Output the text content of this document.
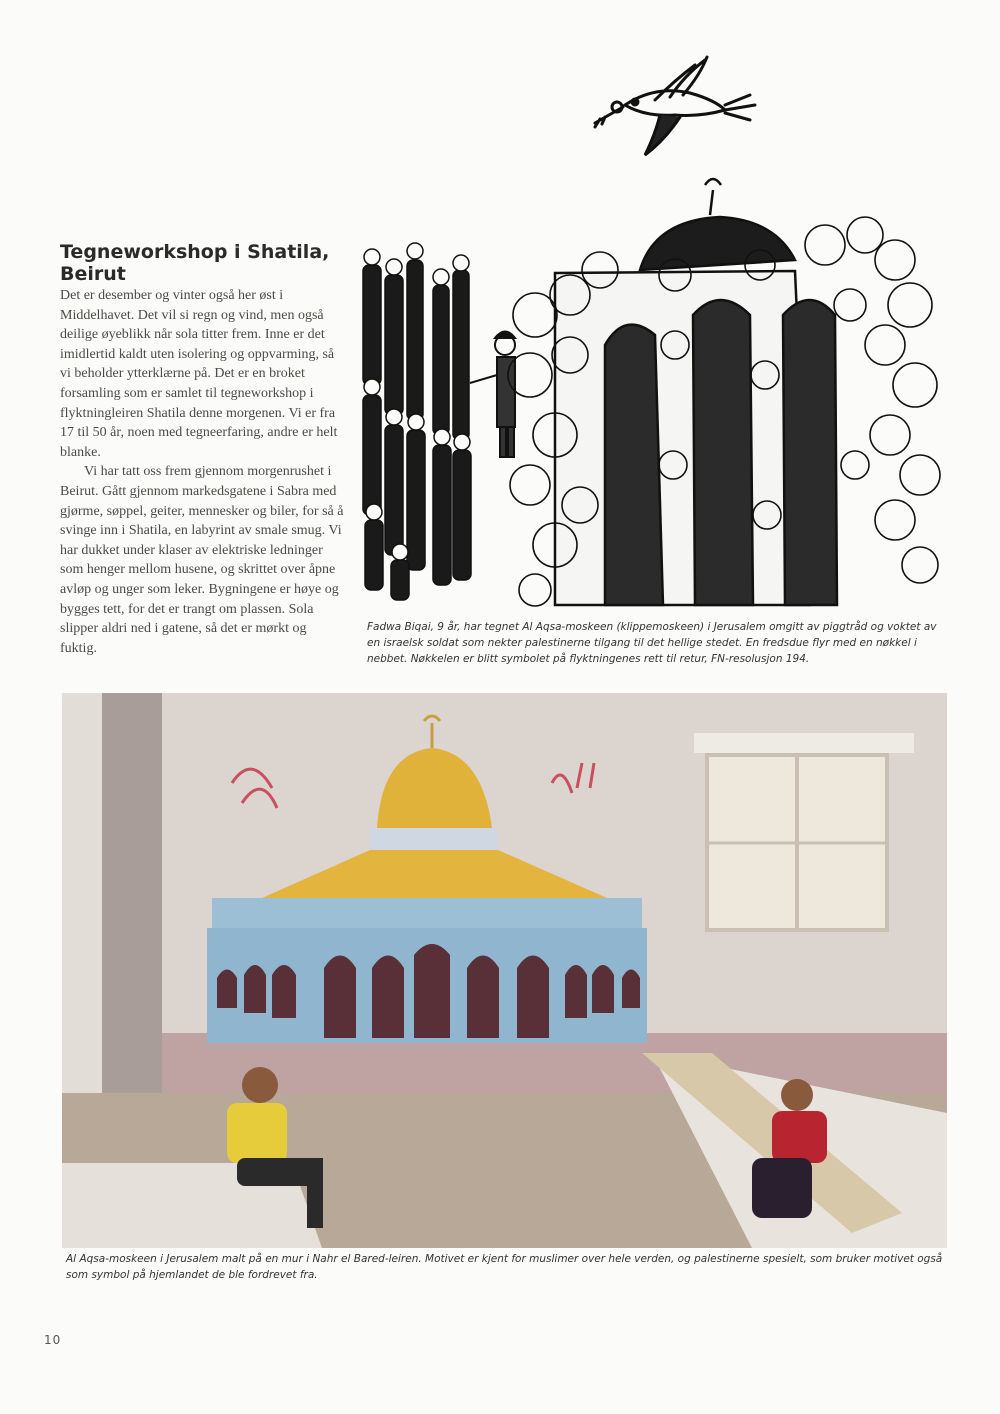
Tegneworkshop i Shatila, Beirut

Det er desember og vinter også her øst i Middelhavet. Det vil si regn og vind, men også deilige øyeblikk når sola titter frem. Inne er det imidlertid kaldt uten isolering og oppvarming, så vi beholder ytterklærne på. Det er en broket forsamling som er samlet til tegneworkshop i flyktningleiren Shatila denne morgenen. Vi er fra 17 til 50 år, noen med tegneerfaring, andre er helt blanke.

Vi har tatt oss frem gjennom morgenrushet i Beirut. Gått gjennom markedsgatene i Sabra med gjørme, søppel, geiter, mennesker og biler, for så å svinge inn i Shatila, en labyrint av smale smug. Vi har dukket under klaser av elektriske ledninger som henger mellom husene, og skrittet over åpne avløp og unger som leker. Bygningene er høye og bygges tett, for det er trangt om plassen. Sola slipper aldri ned i gatene, så det er mørkt og fuktig.

Fadwa Biqai, 9 år, har tegnet Al Aqsa-moskeen (klippemoskeen) i Jerusalem omgitt av piggtråd og voktet av en israelsk soldat som nekter palestinerne tilgang til det hellige stedet. En fredsdue flyr med en nøkkel i nebbet. Nøkkelen er blitt symbolet på flyktningenes rett til retur, FN-resolusjon 194.
Al Aqsa-moskeen i Jerusalem malt på en mur i Nahr el Bared-leiren. Motivet er kjent for muslimer over hele verden, og palestinerne spesielt, som bruker motivet også som symbol på hjemlandet de ble fordrevet fra.
10
